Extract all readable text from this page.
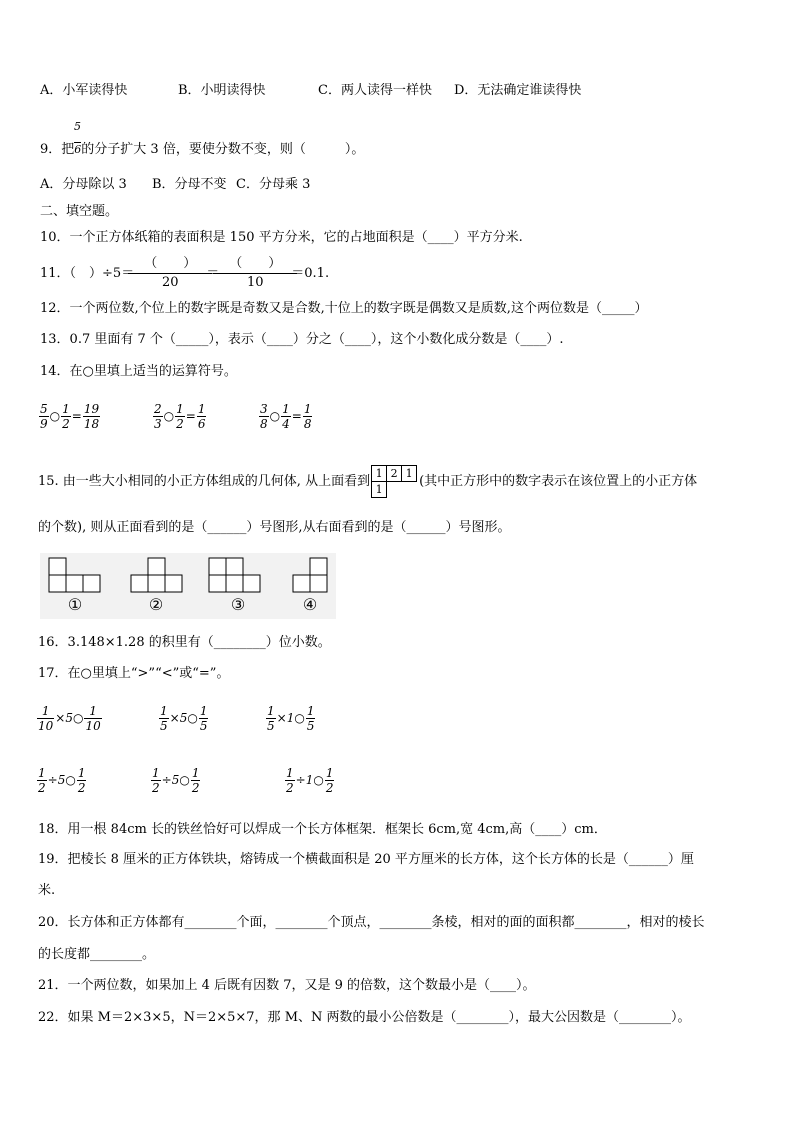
A．小军读得快	B．小明读得快	C．两人读得一样快 D．无法确定谁读得快
5
9．把6的分子扩大 3 倍，要使分数不变，则（　　　）。
A．分母除以 3 B．分母不变 C．分母乘 3
二、填空题。
10．一个正方体纸箱的表面积是 150 平方分米，它的占地面积是（____）平方分米.
11．（　）$\div 5= \frac{( )}{20} = \frac{( )}{10} =0.1$.
12．一个两位数,个位上的数字既是奇数又是合数,十位上的数字既是偶数又是质数,这个两位数是（_____）
13．0.7 里面有 7 个（_____），表示（____）分之（____），这个小数化成分数是（____）.
14．在○里填上适当的运算符号。
$\frac{5}{9}$ ○ $\frac{1}{2} = \frac{19}{18}$	$\frac{2}{3}$ ○ $\frac{1}{2} = \frac{1}{6}$	$\frac{3}{8}$ ○ $\frac{1}{4} = \frac{1}{8}$
15. 由一些大小相同的小正方体组成的几何体, 从上面看到
1 2 1
1	(其中正方形中的数字表示在该位置上的小正方体
的个数), 则从正面看到的是（______）号图形,从右面看到的是（______）号图形。
①	②	③	④
16．3.148×1.28 的积里有（________）位小数。
17．在○里填上“>”“<”或“=”。
$\frac{1}{10}$ ×5○ $\frac{1}{10}$	$\frac{1}{5}$ ×5○ $\frac{1}{5}$	$\frac{1}{5}$ ×1○ $\frac{1}{5}$
$\frac{1}{2}$ ÷5○ $\frac{1}{2}$	$\frac{1}{2}$ ÷5○ $\frac{1}{2}$	$\frac{1}{2}$ ÷1○ $\frac{1}{2}$
18．用一根 84cm 长的铁丝恰好可以焊成一个长方体框架．框架长 6cm,宽 4cm,高（____）cm．
19．把棱长 8 厘米的正方体铁块，熔铸成一个横截面积是 20 平方厘米的长方体，这个长方体的长是（______）厘
米.
20．长方体和正方体都有________个面，________个顶点，________条棱，相对的面的面积都________，相对的棱长
的长度都________。
21．一个两位数，如果加上 4 后既有因数 7，又是 9 的倍数，这个数最小是（____）。
22．如果 M＝2×3×5，N＝2×5×7，那 M、N 两数的最小公倍数是（________），最大公因数是（________）。
